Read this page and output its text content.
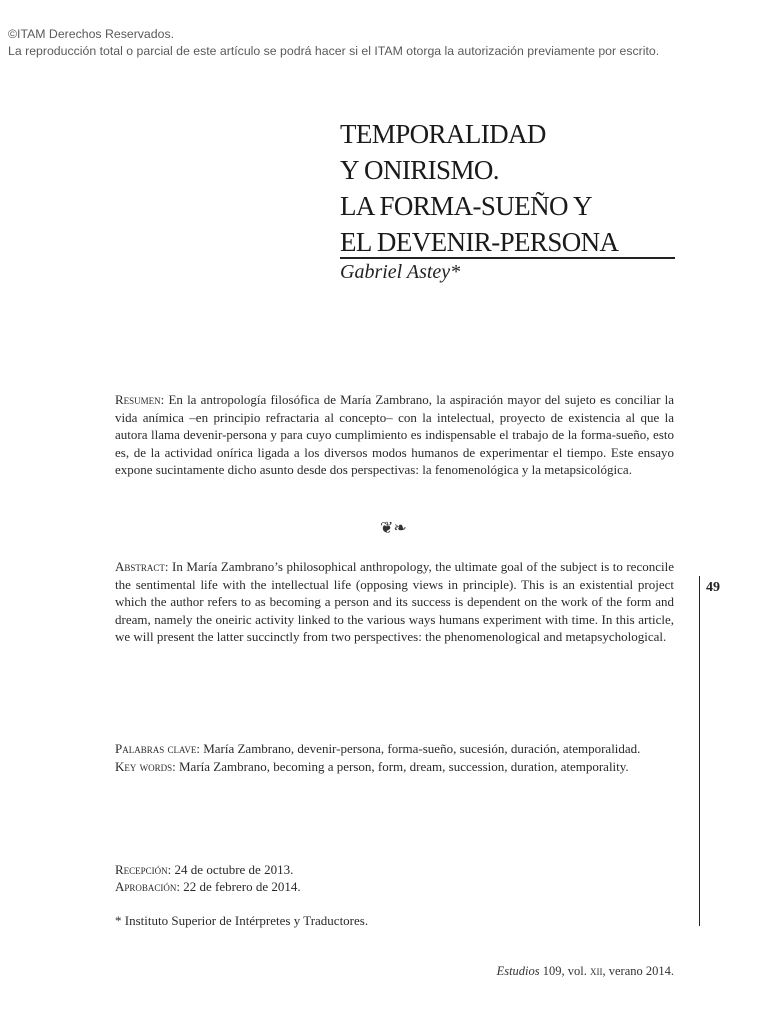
©ITAM Derechos Reservados.
La reproducción total o parcial de este artículo se podrá hacer si el ITAM otorga la autorización previamente por escrito.
TEMPORALIDAD
Y ONIRISMO.
LA FORMA-SUEÑO Y
EL DEVENIR-PERSONA
Gabriel Astey*
Resumen: En la antropología filosófica de María Zambrano, la aspiración mayor del sujeto es conciliar la vida anímica –en principio refractaria al concepto– con la intelectual, proyecto de existencia al que la autora llama devenir-persona y para cuyo cumplimiento es indispensable el trabajo de la forma-sueño, esto es, de la actividad onírica ligada a los diversos modos humanos de experimentar el tiempo. Este ensayo expone sucintamente dicho asunto desde dos perspectivas: la fenomenológica y la metapsicológica.
❦❧
Abstract: In María Zambrano’s philosophical anthropology, the ultimate goal of the subject is to reconcile the sentimental life with the intellectual life (opposing views in principle). This is an existential project which the author refers to as becoming a person and its success is dependent on the work of the form and dream, namely the oneiric activity linked to the various ways humans experiment with time. In this article, we will present the latter succinctly from two perspectives: the phenomenological and metapsychological.
Palabras clave: María Zambrano, devenir-persona, forma-sueño, sucesión, duración, atemporalidad.
Key words: María Zambrano, becoming a person, form, dream, succession, duration, atemporality.
Recepción: 24 de octubre de 2013.
Aprobación: 22 de febrero de 2014.
* Instituto Superior de Intérpretes y Traductores.
Estudios 109, vol. xii, verano 2014.
49
